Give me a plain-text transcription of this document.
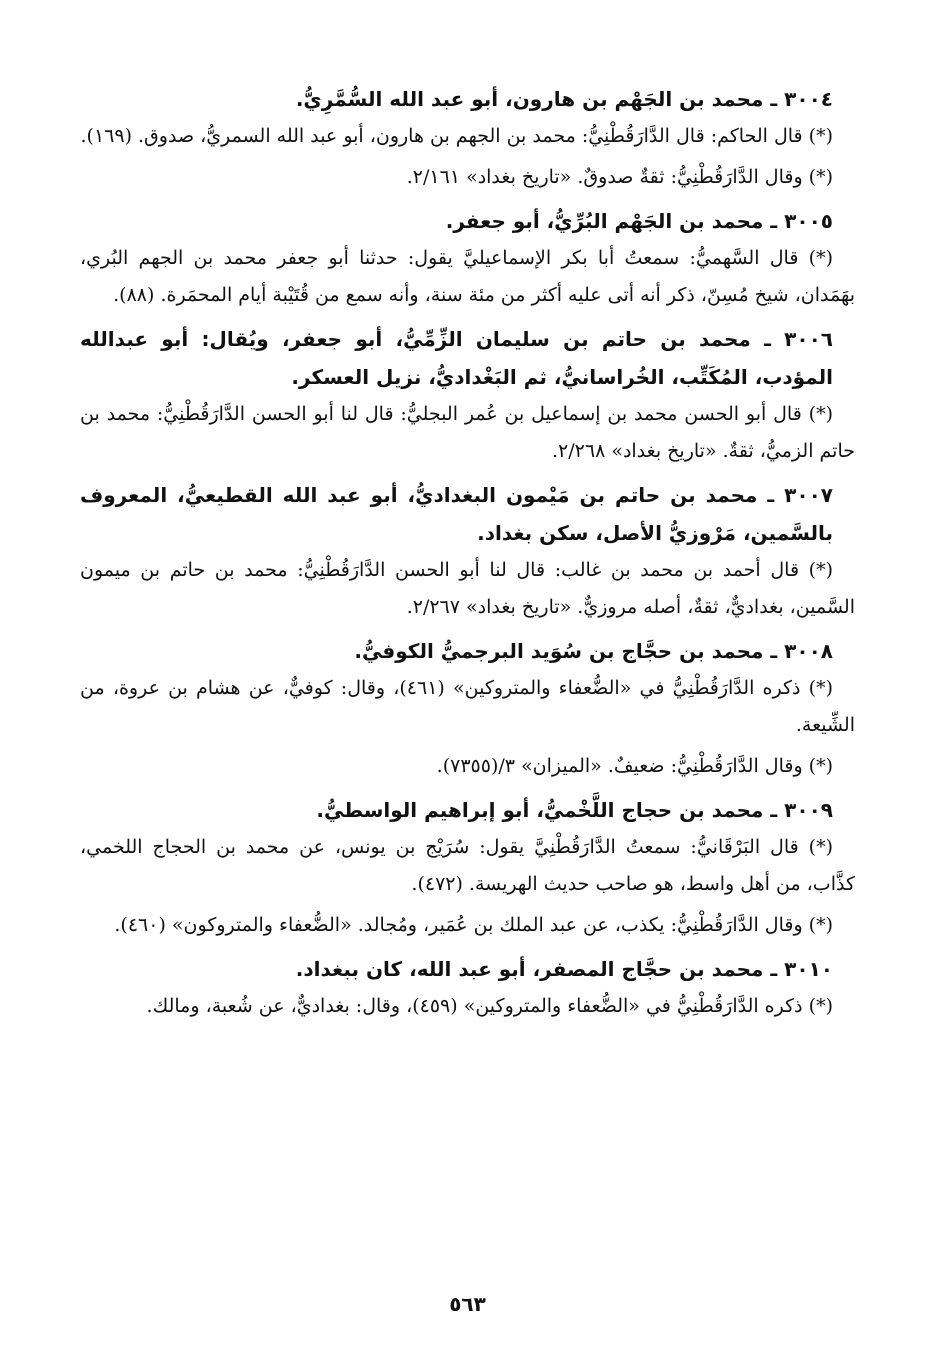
٣٠٠٤ ـ محمد بن الجَهْم بن هارون، أبو عبد الله السُّمَّرِيُّ.

(*) قال الحاكم: قال الدَّارَقُطْنِيُّ: محمد بن الجهم بن هارون، أبو عبد الله السمريُّ، صدوق. (١٦٩).

(*) وقال الدَّارَقُطْنِيُّ: ثقةٌ صدوقٌ. «تاريخ بغداد» ٢/١٦١.

٣٠٠٥ ـ محمد بن الجَهْم البُرِّيُّ، أبو جعفر.

(*) قال السَّهميُّ: سمعتُ أبا بكر الإسماعيليَّ يقول: حدثنا أبو جعفر محمد بن الجهم البُري، بهَمَدان، شيخ مُسِنّ، ذكر أنه أتى عليه أكثر من مئة سنة، وأنه سمع من قُتَيْبة أيام المحمَرة. (٨٨).

٣٠٠٦ ـ محمد بن حاتم بن سليمان الزِّمِّيُّ، أبو جعفر، ويُقال: أبو عبدالله المؤدب، المُكَتِّب، الخُراسانيُّ، ثم البَغْداديُّ، نزيل العسكر.

(*) قال أبو الحسن محمد بن إسماعيل بن عُمر البجليُّ: قال لنا أبو الحسن الدَّارَقُطْنِيُّ: محمد بن حاتم الزميُّ، ثقةٌ. «تاريخ بغداد» ٢/٢٦٨.

٣٠٠٧ ـ محمد بن حاتم بن مَيْمون البغداديُّ، أبو عبد الله القطيعيُّ، المعروف بالسَّمين، مَرْوزيُّ الأصل، سكن بغداد.

(*) قال أحمد بن محمد بن غالب: قال لنا أبو الحسن الدَّارَقُطْنِيُّ: محمد بن حاتم بن ميمون السَّمين، بغداديٌّ، ثقةٌ، أصله مروزيٌّ. «تاريخ بغداد» ٢/٢٦٧.

٣٠٠٨ ـ محمد بن حجَّاج بن سُوَيد البرجميُّ الكوفيُّ.

(*) ذكره الدَّارَقُطْنِيُّ في «الضُّعفاء والمتروكين» (٤٦١)، وقال: كوفيٌّ، عن هشام بن عروة، من الشِّيعة.

(*) وقال الدَّارَقُطْنِيُّ: ضعيفٌ. «الميزان» ٣/(٧٣٥٥).

٣٠٠٩ ـ محمد بن حجاج اللَّخْميُّ، أبو إبراهيم الواسطيُّ.

(*) قال البَرْقَانيُّ: سمعتُ الدَّارَقُطْنِيَّ يقول: سُرَيْج بن يونس، عن محمد بن الحجاج اللخمي، كذَّاب، من أهل واسط، هو صاحب حديث الهريسة. (٤٧٢).

(*) وقال الدَّارَقُطْنِيُّ: يكذب، عن عبد الملك بن عُمَير، ومُجالد. «الضُّعفاء والمتروكون» (٤٦٠).

٣٠١٠ ـ محمد بن حجَّاج المصفر، أبو عبد الله، كان ببغداد.

(*) ذكره الدَّارَقُطْنِيُّ في «الضُّعفاء والمتروكين» (٤٥٩)، وقال: بغداديٌّ، عن شُعبة، ومالك.

٥٦٣
